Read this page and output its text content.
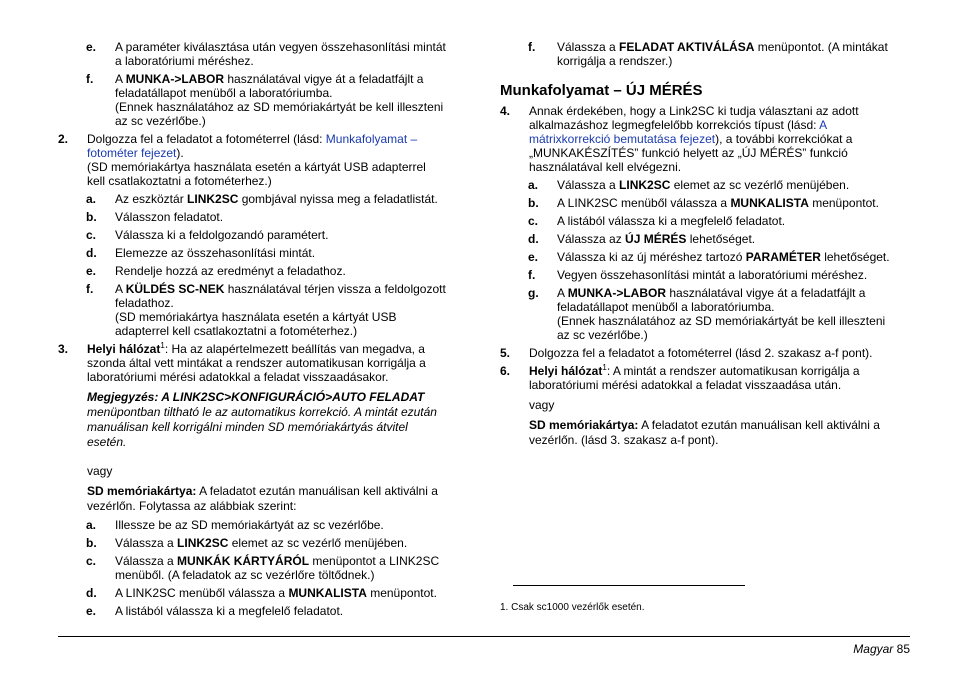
e. A paraméter kiválasztása után vegyen összehasonlítási mintát
a laboratóriumi méréshez.
f. A MUNKA->LABOR használatával vigye át a feladatfájlt a
feladatállapot menüből a laboratóriumba.
(Ennek használatához az SD memóriakártyát be kell illeszteni
az sc vezérlőbe.)
2. Dolgozza fel a feladatot a fotométerrel (lásd: Munkafolyamat –
fotométer fejezet).
(SD memóriakártya használata esetén a kártyát USB adapterrel
kell csatlakoztatni a fotométerhez.)
a. Az eszköztár LINK2SC gombjával nyissa meg a feladatlistát.
b. Válasszon feladatot.
c. Válassza ki a feldolgozandó paramétert.
d. Elemezze az összehasonlítási mintát.
e. Rendelje hozzá az eredményt a feladathoz.
f. A KÜLDÉS SC-NEK használatával térjen vissza a feldolgozott
feladathoz.
(SD memóriakártya használata esetén a kártyát USB
adapterrel kell csatlakoztatni a fotométerhez.)
3. Helyi hálózat$^1$: Ha az alapértelmezett beállítás van megadva, a
szonda által vett mintákat a rendszer automatikusan korrigálja a
laboratóriumi mérési adatokkal a feladat visszaadásakor.
Megjegyzés: A LINK2SC>KONFIGURÁCIÓ>AUTO FELADAT
menüpontban tiltható le az automatikus korrekció. A mintát ezután
manuálisan kell korrigálni minden SD memóriakártyás átvitel
esetén.
vagy
SD memóriakártya: A feladatot ezután manuálisan kell aktiválni a
vezérlőn. Folytassa az alábbiak szerint:
a. Illessze be az SD memóriakártyát az sc vezérlőbe.
b. Válassza a LINK2SC elemet az sc vezérlő menüjében.
c. Válassza a MUNKÁK KÁRTYÁRÓL menüpontot a LINK2SC
menüből. (A feladatok az sc vezérlőre töltődnek.)
d. A LINK2SC menüből válassza a MUNKALISTA menüpontot.
e. A listából válassza ki a megfelelő feladatot.
f. Válassza a FELADAT AKTIVÁLÁSA menüpontot. (A mintákat
korrigálja a rendszer.)
Munkafolyamat – ÚJ MÉRÉS
4. Annak érdekében, hogy a Link2SC ki tudja választani az adott
alkalmazáshoz legmegfelelőbb korrekciós típust (lásd: A
mátrixkorrekció bemutatása fejezet), a további korrekciókat a
„MUNKAKÉSZÍTÉS” funkció helyett az „ÚJ MÉRÉS” funkció
használatával kell elvégezni.
a. Válassza a LINK2SC elemet az sc vezérlő menüjében.
b. A LINK2SC menüből válassza a MUNKALISTA menüpontot.
c. A listából válassza ki a megfelelő feladatot.
d. Válassza az ÚJ MÉRÉS lehetőséget.
e. Válassza ki az új méréshez tartozó PARAMÉTER lehetőséget.
f. Vegyen összehasonlítási mintát a laboratóriumi méréshez.
g. A MUNKA->LABOR használatával vigye át a feladatfájlt a
feladatállapot menüből a laboratóriumba.
(Ennek használatához az SD memóriakártyát be kell illeszteni
az sc vezérlőbe.)
5. Dolgozza fel a feladatot a fotométerrel (lásd 2. szakasz a-f pont).
6. Helyi hálózat$^1$: A mintát a rendszer automatikusan korrigálja a
laboratóriumi mérési adatokkal a feladat visszaadása után.
vagy
SD memóriakártya: A feladatot ezután manuálisan kell aktiválni a
vezérlőn. (lásd 3. szakasz a-f pont).
1. Csak sc1000 vezérlők esetén.
Magyar 85
